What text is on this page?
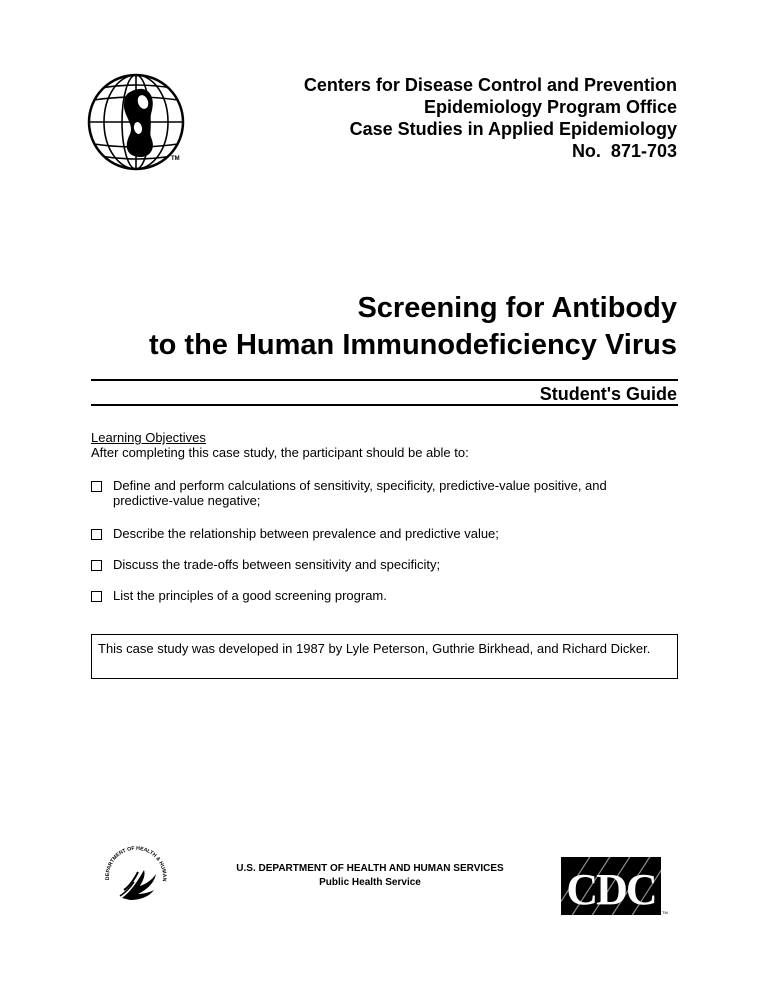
TM
Centers for Disease Control and Prevention
Epidemiology Program Office
Case Studies in Applied Epidemiology
No.  871-703
Screening for Antibody
to the Human Immunodeficiency Virus
Student's Guide
Learning Objectives
After completing this case study, the participant should be able to:
Define and perform calculations of sensitivity, specificity, predictive-value positive, and predictive-value negative;
Describe the relationship between prevalence and predictive value;
Discuss the trade-offs between sensitivity and specificity;
List the principles of a good screening program.
This case study was developed in 1987 by Lyle Peterson, Guthrie Birkhead, and Richard Dicker.
DEPARTMENT OF HEALTH & HUMAN
U.S. DEPARTMENT OF HEALTH AND HUMAN SERVICES
Public Health Service	CDC TM
